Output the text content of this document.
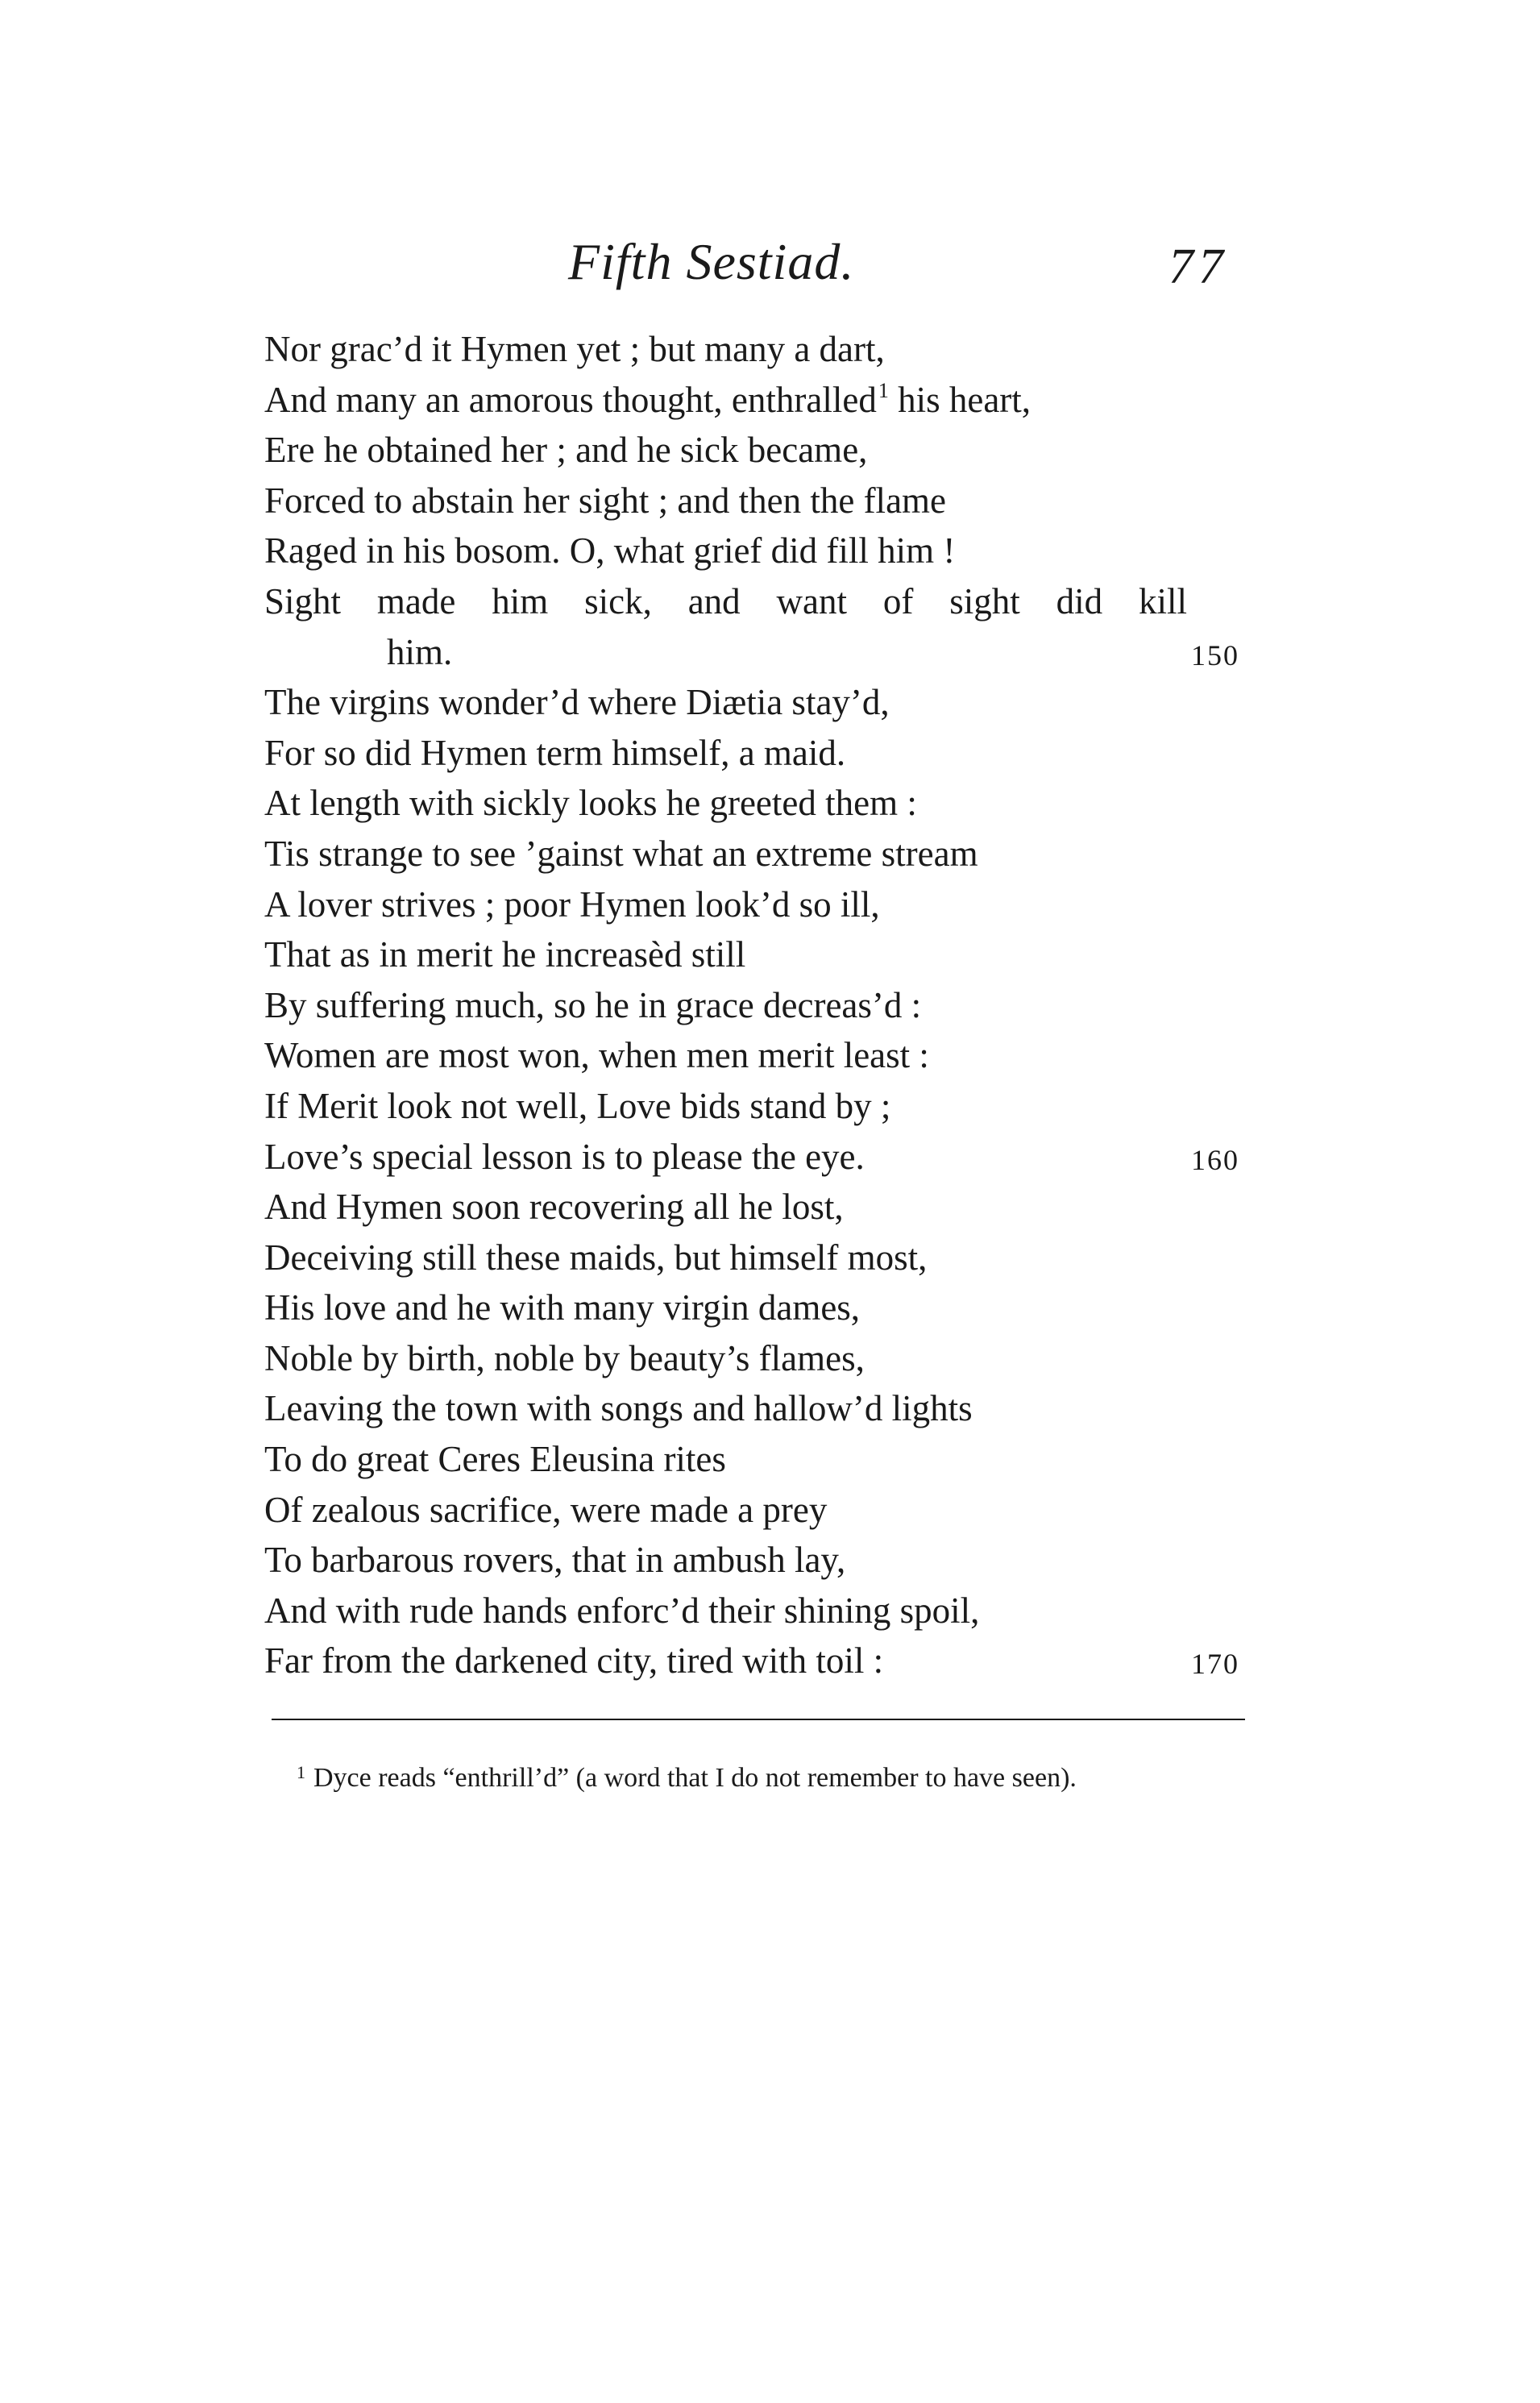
Fifth Sestiad.	77
Nor grac’d it Hymen yet ; but many a dart,
And many an amorous thought, enthralled$^1$ his heart,
Ere he obtained her ; and he sick became,
Forced to abstain her sight ; and then the flame
Raged in his bosom. O, what grief did fill him !
Sight made him sick, and want of sight did kill
him.	150
The virgins wonder’d where Diætia stay’d,
For so did Hymen term himself, a maid.
At length with sickly looks he greeted them :
Tis strange to see ’gainst what an extreme stream
A lover strives ; poor Hymen look’d so ill,
That as in merit he increasèd still
By suffering much, so he in grace decreas’d :
Women are most won, when men merit least :
If Merit look not well, Love bids stand by ;
Love’s special lesson is to please the eye.	160
And Hymen soon recovering all he lost,
Deceiving still these maids, but himself most,
His love and he with many virgin dames,
Noble by birth, noble by beauty’s flames,
Leaving the town with songs and hallow’d lights
To do great Ceres Eleusina rites
Of zealous sacrifice, were made a prey
To barbarous rovers, that in ambush lay,
And with rude hands enforc’d their shining spoil,
Far from the darkened city, tired with toil :	170
$^1$ Dyce reads “enthrill’d” (a word that I do not remember to have seen).
